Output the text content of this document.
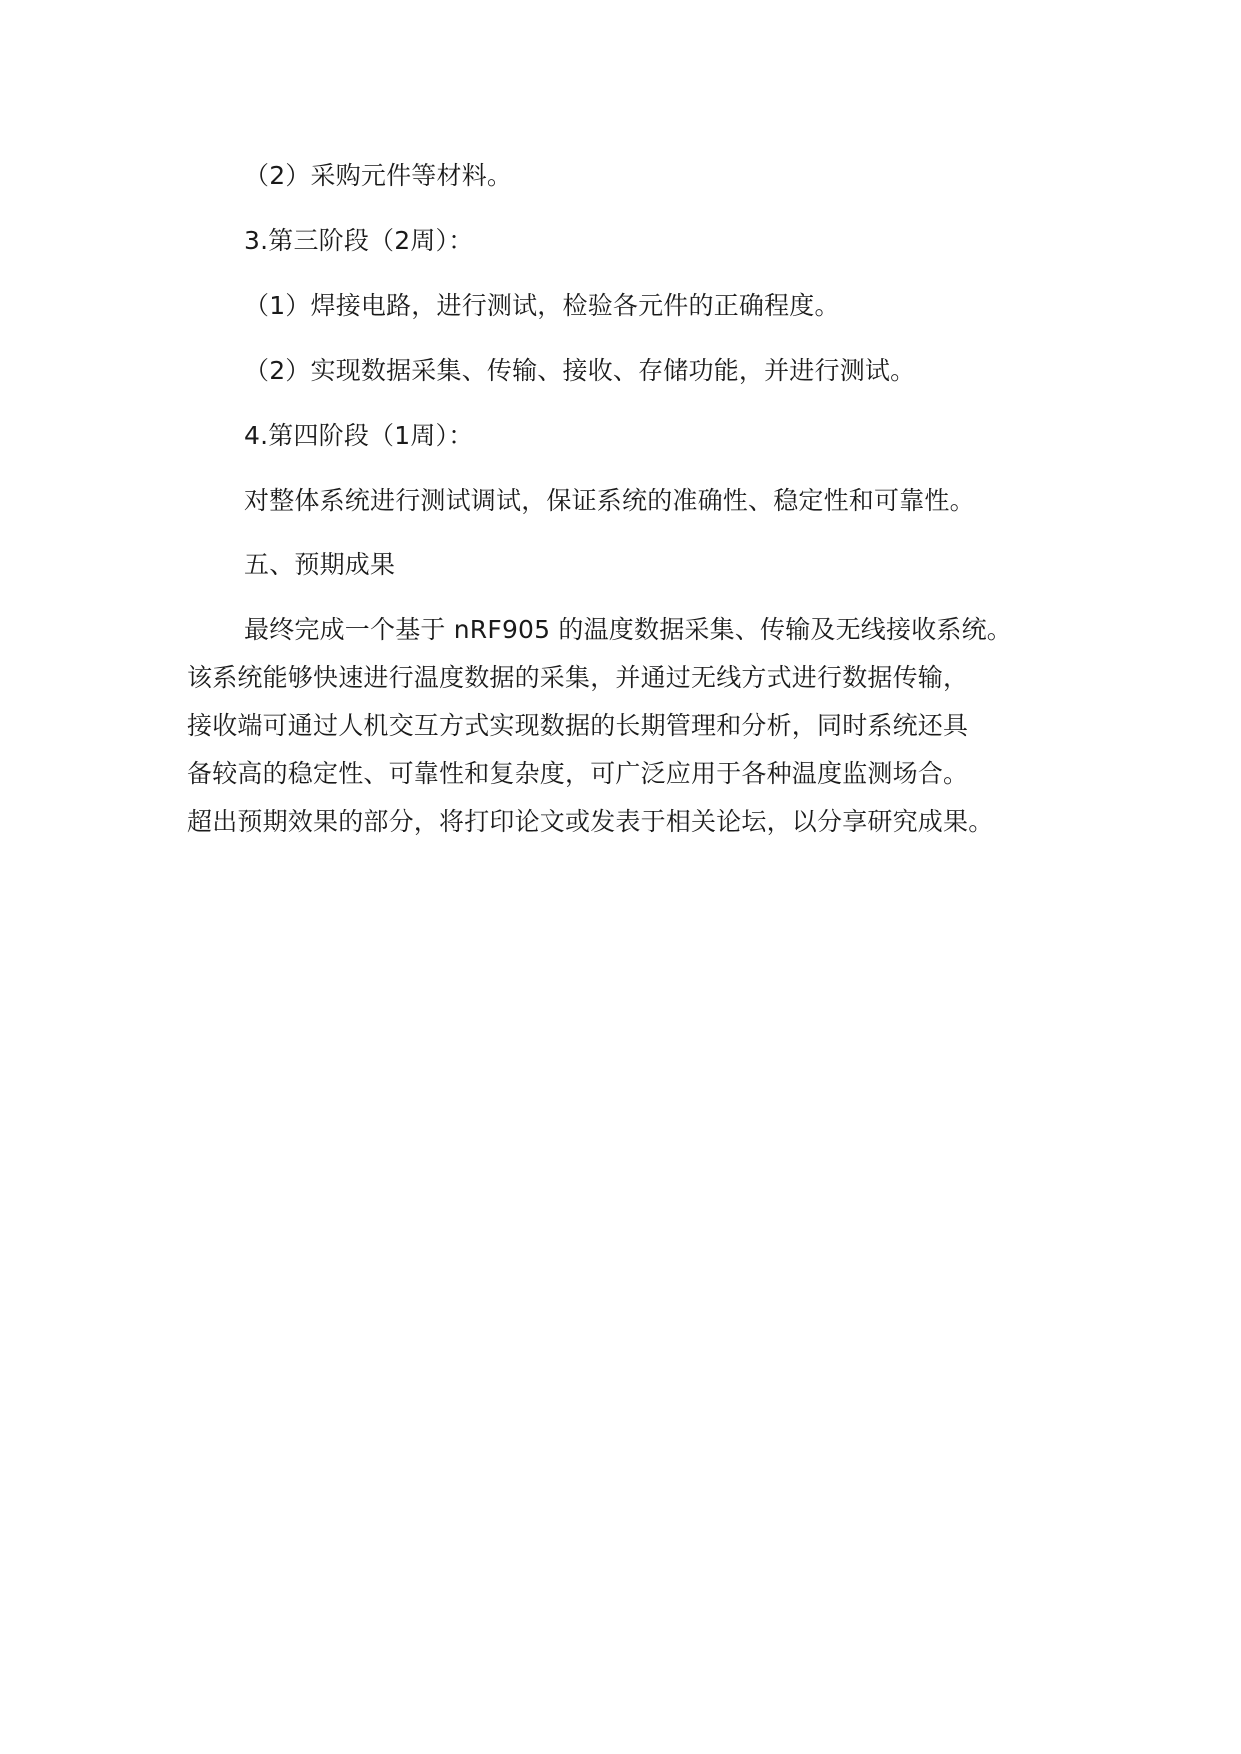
（2）采购元件等材料。
3.第三阶段（2周）：
（1）焊接电路，进行测试，检验各元件的正确程度。
（2）实现数据采集、传输、接收、存储功能，并进行测试。
4.第四阶段（1周）：
对整体系统进行测试调试，保证系统的准确性、稳定性和可靠性。
五、预期成果
最终完成一个基于 nRF905 的温度数据采集、传输及无线接收系统。
该系统能够快速进行温度数据的采集，并通过无线方式进行数据传输，
接收端可通过人机交互方式实现数据的长期管理和分析，同时系统还具
备较高的稳定性、可靠性和复杂度，可广泛应用于各种温度监测场合。
超出预期效果的部分，将打印论文或发表于相关论坛，以分享研究成果。
